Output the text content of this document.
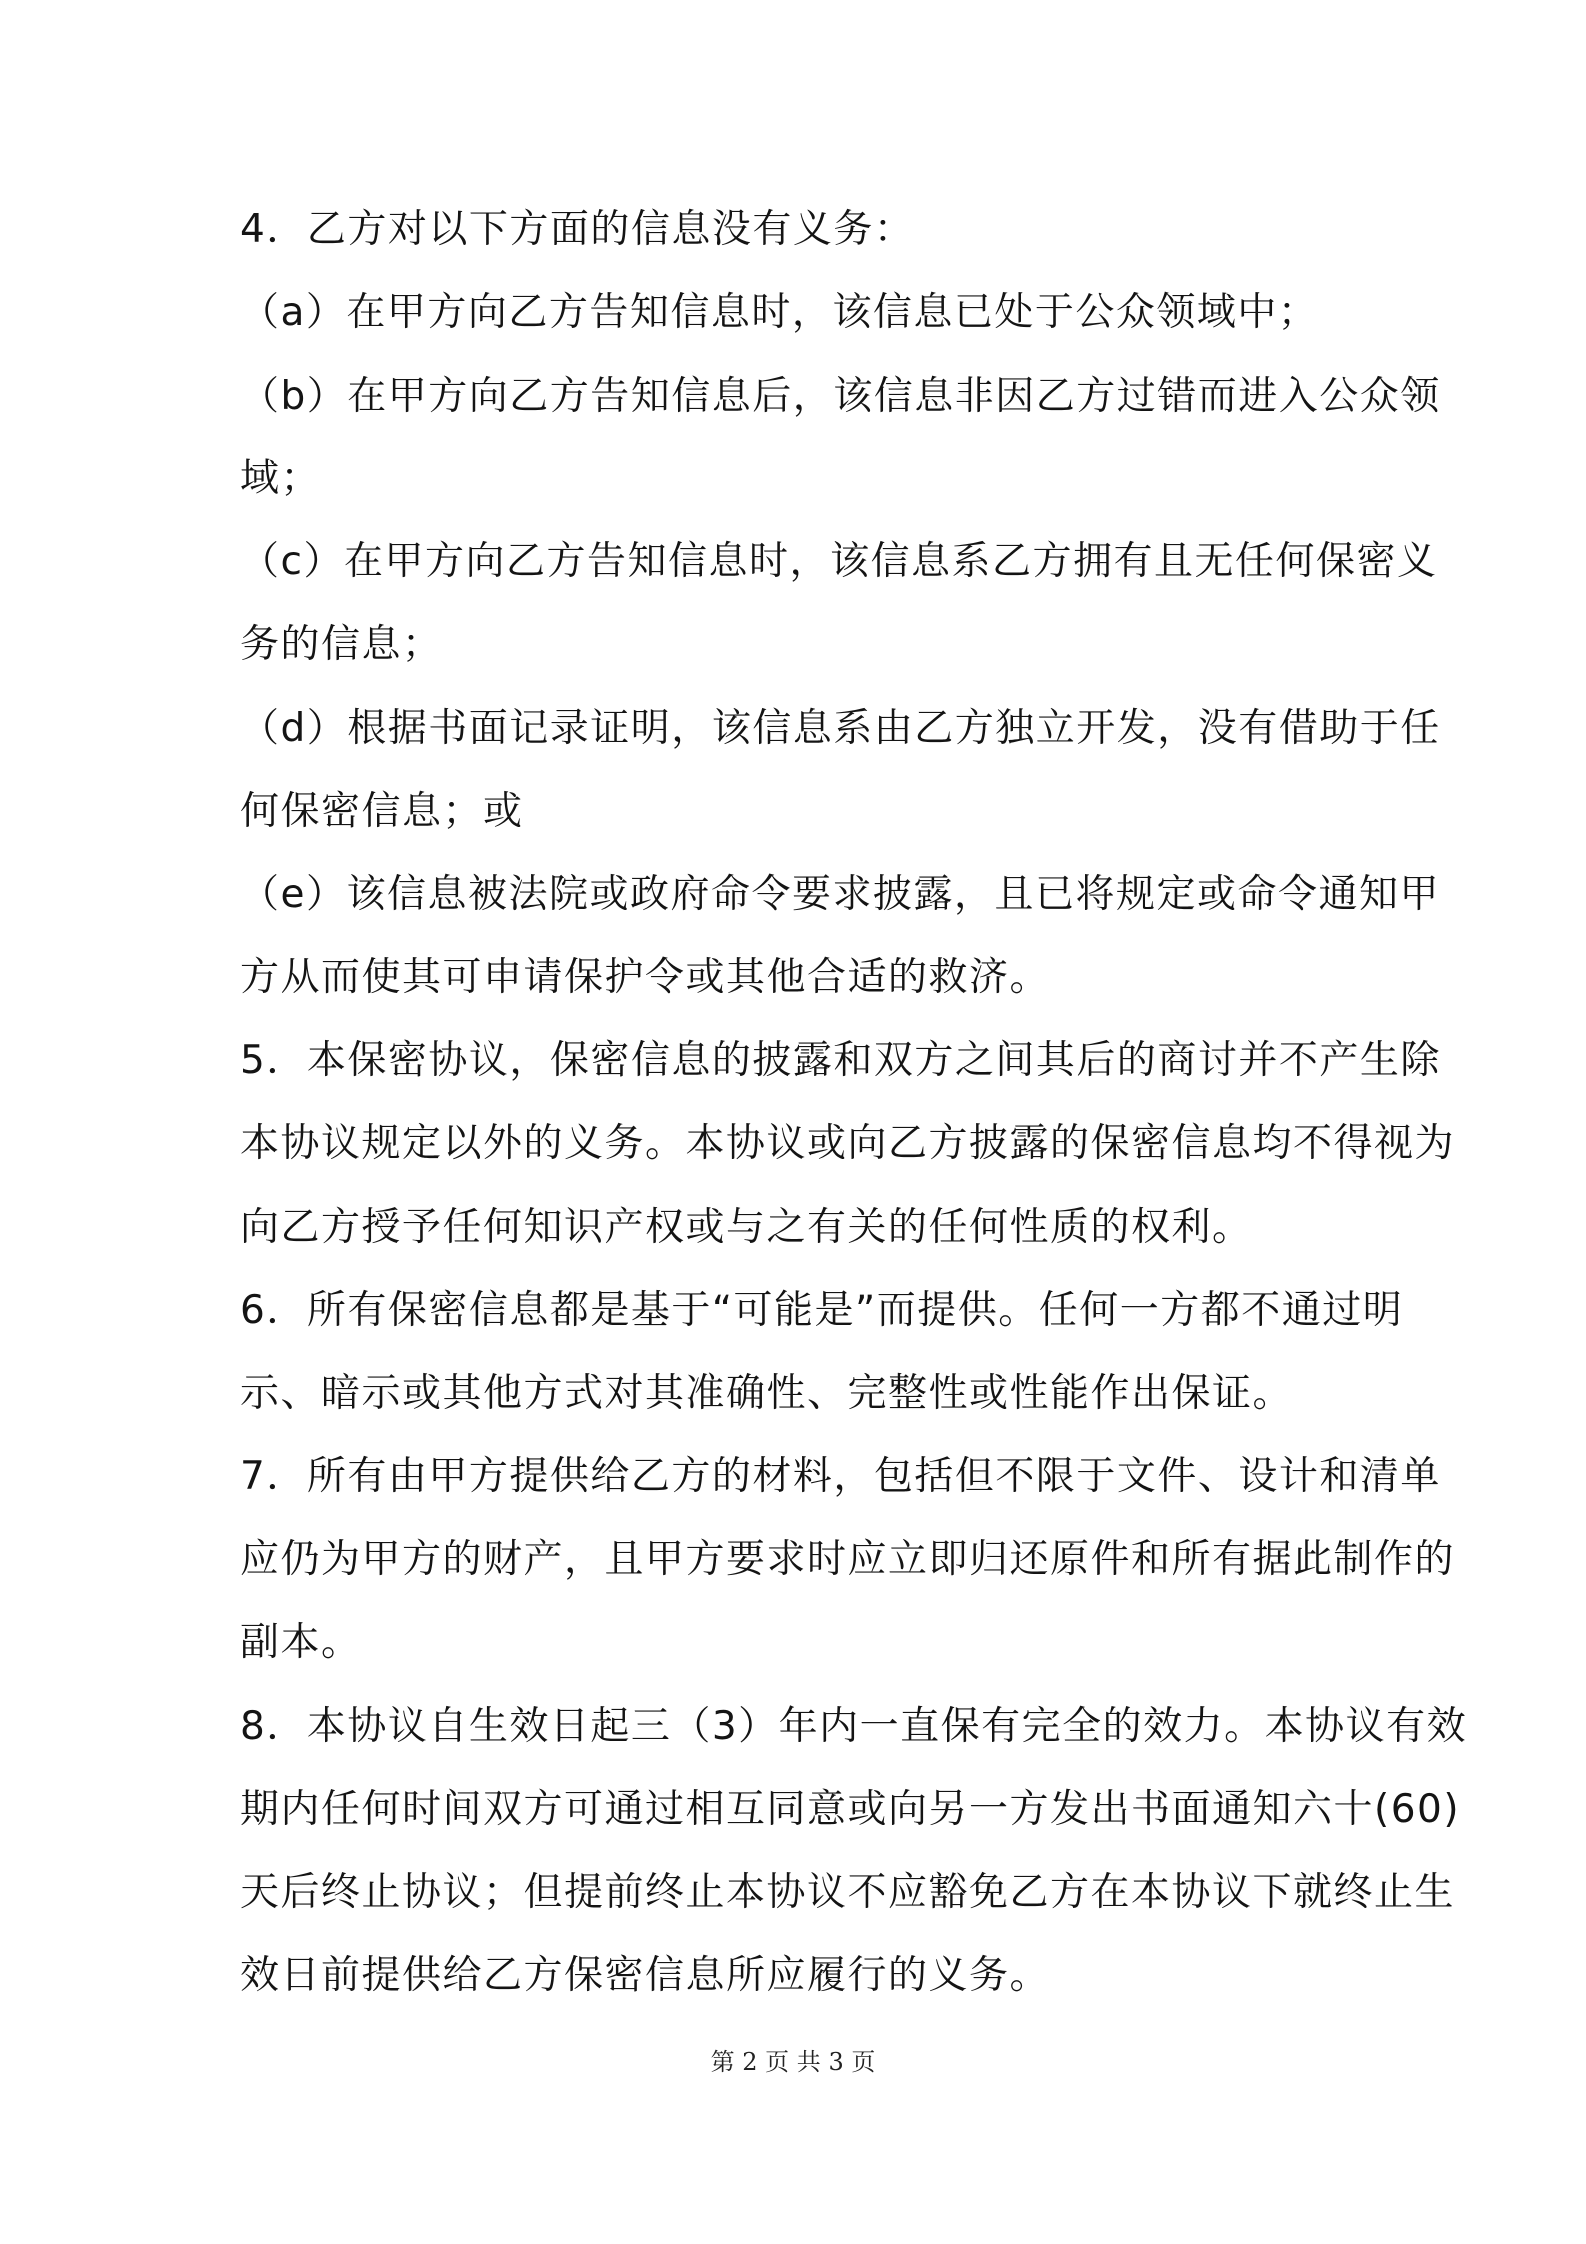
4．乙方对以下方面的信息没有义务：
（a）在甲方向乙方告知信息时，该信息已处于公众领域中；
（b）在甲方向乙方告知信息后，该信息非因乙方过错而进入公众领
域；
（c）在甲方向乙方告知信息时，该信息系乙方拥有且无任何保密义
务的信息；
（d）根据书面记录证明，该信息系由乙方独立开发，没有借助于任
何保密信息；或
（e）该信息被法院或政府命令要求披露，且已将规定或命令通知甲
方从而使其可申请保护令或其他合适的救济。
5．本保密协议，保密信息的披露和双方之间其后的商讨并不产生除
本协议规定以外的义务。本协议或向乙方披露的保密信息均不得视为
向乙方授予任何知识产权或与之有关的任何性质的权利。
6．所有保密信息都是基于“可能是”而提供。任何一方都不通过明
示、暗示或其他方式对其准确性、完整性或性能作出保证。
7．所有由甲方提供给乙方的材料，包括但不限于文件、设计和清单
应仍为甲方的财产，且甲方要求时应立即归还原件和所有据此制作的
副本。
8．本协议自生效日起三（3）年内一直保有完全的效力。本协议有效
期内任何时间双方可通过相互同意或向另一方发出书面通知六十(60)
天后终止协议；但提前终止本协议不应豁免乙方在本协议下就终止生
效日前提供给乙方保密信息所应履行的义务。
第 2 页 共 3 页
